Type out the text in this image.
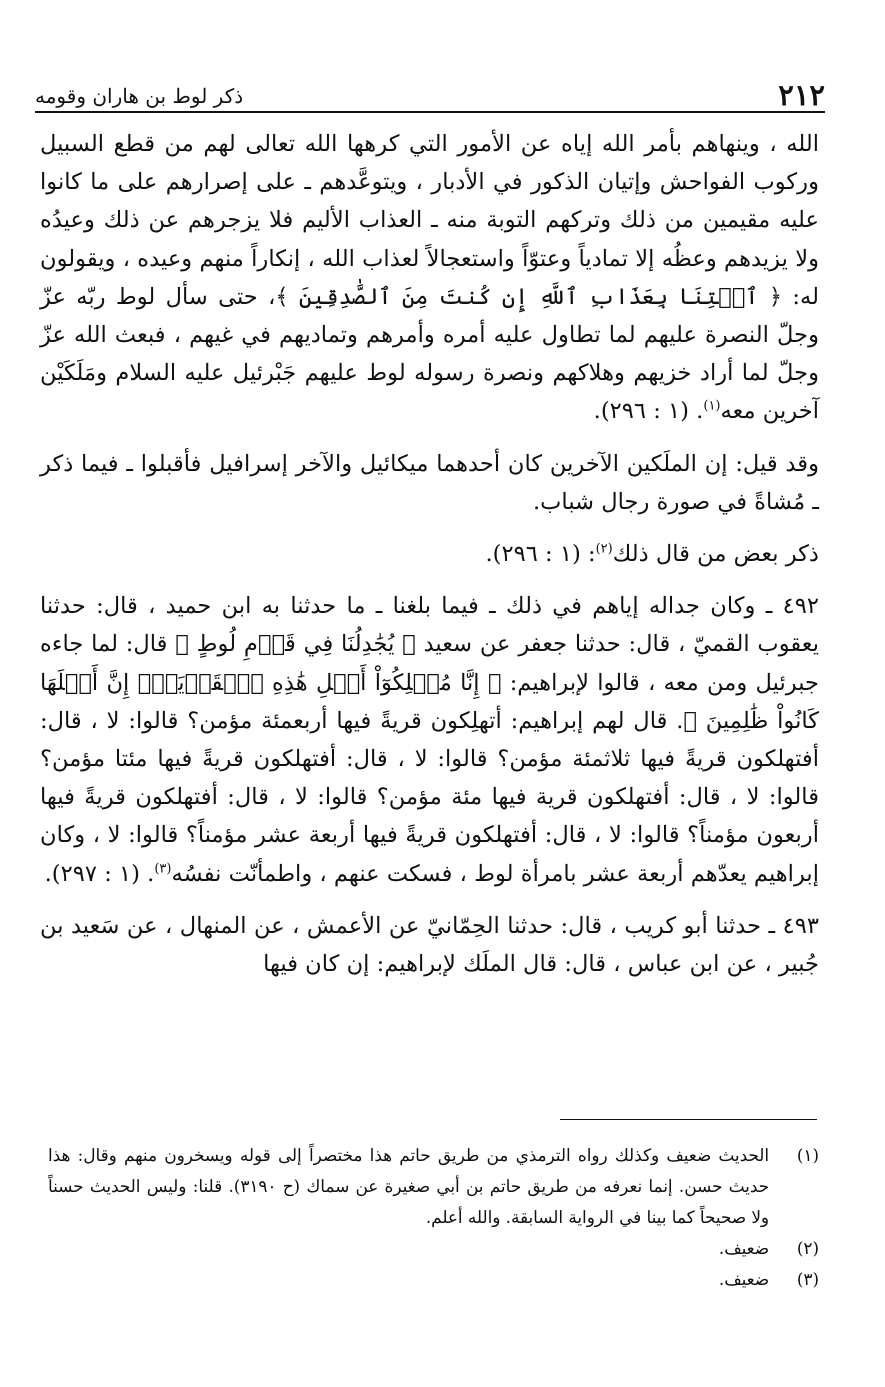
٢١٢
ذكر لوط بن هاران وقومه

الله ، وينهاهم بأمر الله إياه عن الأمور التي كرهها الله تعالى لهم من قطع السبيل وركوب الفواحش وإتيان الذكور في الأدبار ، ويتوعَّدهم ـ على إصرارهم على ما كانوا عليه مقيمين من ذلك وتركهم التوبة منه ـ العذاب الأليم فلا يزجرهم عن ذلك وعيدُه ولا يزيدهم وعظُه إلا تمادياً وعتوّاً واستعجالاً لعذاب الله ، إنكاراً منهم وعيده ، ويقولون له: ﴿ ٱئۡتِنَا بِعَذَابِ ٱللَّهِ إِن كُنتَ مِنَ ٱلصَّٰدِقِينَ ﴾، حتى سأل لوط ربّه عزّ وجلّ النصرة عليهم لما تطاول عليه أمره وأمرهم وتماديهم في غيهم ، فبعث الله عزّ وجلّ لما أراد خزيهم وهلاكهم ونصرة رسوله لوط عليهم جَبْرئيل عليه السلام ومَلَكَيْن آخرين معه$^{(١)}$. (١ : ٢٩٦).

وقد قيل: إن الملَكين الآخرين كان أحدهما ميكائيل والآخر إسرافيل فأقبلوا ـ فيما ذكر ـ مُشاةً في صورة رجال شباب.

ذكر بعض من قال ذلك$^{(٢)}$: (١ : ٢٩٦).

٤٩٢ ـ وكان جداله إياهم في ذلك ـ فيما بلغنا ـ ما حدثنا به ابن حميد ، قال: حدثنا يعقوب القميّ ، قال: حدثنا جعفر عن سعيد ﴿ يُجَٰدِلُنَا فِي قَوۡمِ لُوطٍ ﴾ قال: لما جاءه جبرئيل ومن معه ، قالوا لإبراهيم: ﴿ إِنَّا مُهۡلِكُوٓاْ أَهۡلِ هَٰذِهِ ٱلۡقَرۡيَةِۖ إِنَّ أَهۡلَهَا كَانُواْ ظَٰلِمِينَ ﴾. قال لهم إبراهيم: أتهلِكون قريةً فيها أربعمئة مؤمن؟ قالوا: لا ، قال: أفتهلكون قريةً فيها ثلاثمئة مؤمن؟ قالوا: لا ، قال: أفتهلكون قريةً فيها مئتا مؤمن؟ قالوا: لا ، قال: أفتهلكون قرية فيها مئة مؤمن؟ قالوا: لا ، قال: أفتهلكون قريةً فيها أربعون مؤمناً؟ قالوا: لا ، قال: أفتهلكون قريةً فيها أربعة عشر مؤمناً؟ قالوا: لا ، وكان إبراهيم يعدّهم أربعة عشر بامرأة لوط ، فسكت عنهم ، واطمأنّت نفسُه$^{(٣)}$. (١ : ٢٩٧).

٤٩٣ ـ حدثنا أبو كريب ، قال: حدثنا الحِمّانيّ عن الأعمش ، عن المنهال ، عن سَعيد بن جُبير ، عن ابن عباس ، قال: قال الملَك لإبراهيم: إن كان فيها

(١)
الحديث ضعيف وكذلك رواه الترمذي من طريق حاتم هذا مختصراً إلى قوله ويسخرون منهم وقال: هذا حديث حسن. إنما نعرفه من طريق حاتم بن أبي صغيرة عن سماك (ح ٣١٩٠). قلنا: وليس الحديث حسناً ولا صحيحاً كما بينا في الرواية السابقة. والله أعلم.
(٢)
ضعيف.
(٣)
ضعيف.
